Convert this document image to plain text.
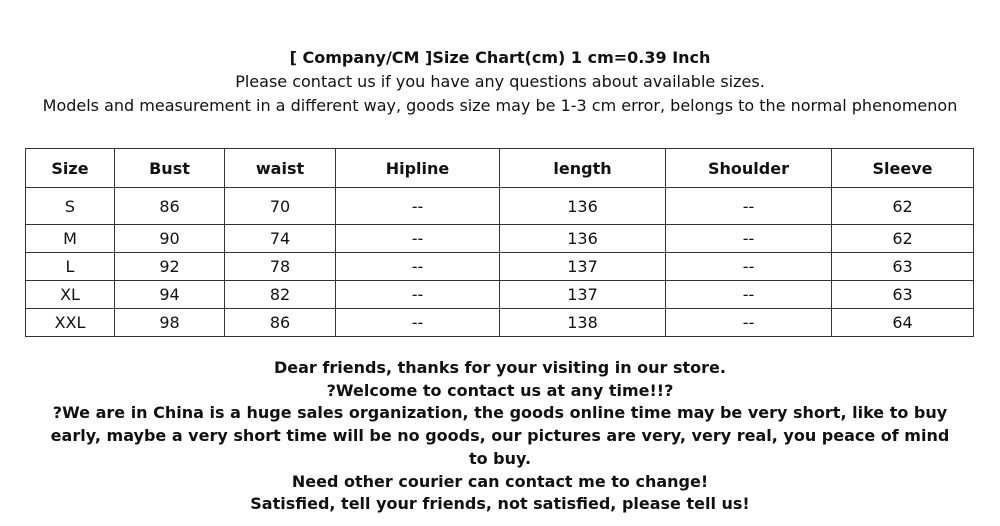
[ Company/CM ]Size Chart(cm) 1 cm=0.39 Inch

Please contact us if you have any questions about available sizes.

Models and measurement in a different way, goods size may be 1-3 cm error, belongs to the normal phenomenon
Size	Bust	waist	Hipline	length	Shoulder	Sleeve
S	86	70	--	136	--	62
M	90	74	--	136	--	62
L	92	78	--	137	--	63
XL	94	82	--	137	--	63
XXL	98	86	--	138	--	64

Dear friends, thanks for your visiting in our store.

?Welcome to contact us at any time!!?

?We are in China is a huge sales organization, the goods online time may be very short, like to buy early, maybe a very short time will be no goods, our pictures are very, very real, you peace of mind to buy.

Need other courier can contact me to change!

Satisfied, tell your friends, not satisfied, please tell us!
